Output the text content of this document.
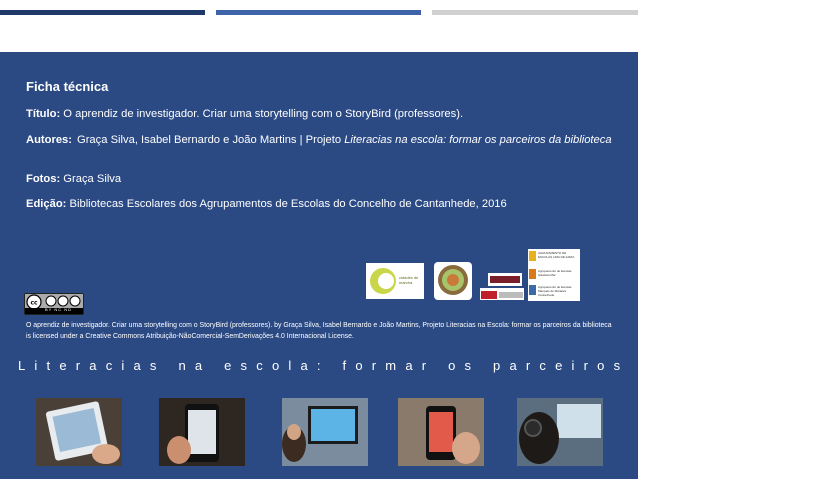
Ficha técnica
Título: O aprendiz de investigador. Criar uma storytelling com o StoryBird (professores).
Autores: Graça Silva, Isabel Bernardo e João Martins | Projeto Literacias na escola: formar os parceiros da biblioteca
Fotos: Graça Silva
Edição: Bibliotecas Escolares dos Agrupamentos de Escolas do Concelho de Cantanhede, 2016
cidades de marcha
AGRUPAMENTO DE ESCOLAS LIMA DE FARIA
Agrupamento de Escolas Gândara Mar
Agrupamento de Escolas Marquês de Marialva Cantanhede
cc
BY NC ND
O aprendiz de investigador. Criar uma storytelling com o StoryBird (professores). by Graça Silva, Isabel Bernardo e João Martins, Projeto Literacias na Escola: formar os parceiros da biblioteca is licensed under a Creative Commons Atribuição-NãoComercial-SemDerivações 4.0 Internacional License.
Literacias na escola: formar os parceiros da biblioteca
